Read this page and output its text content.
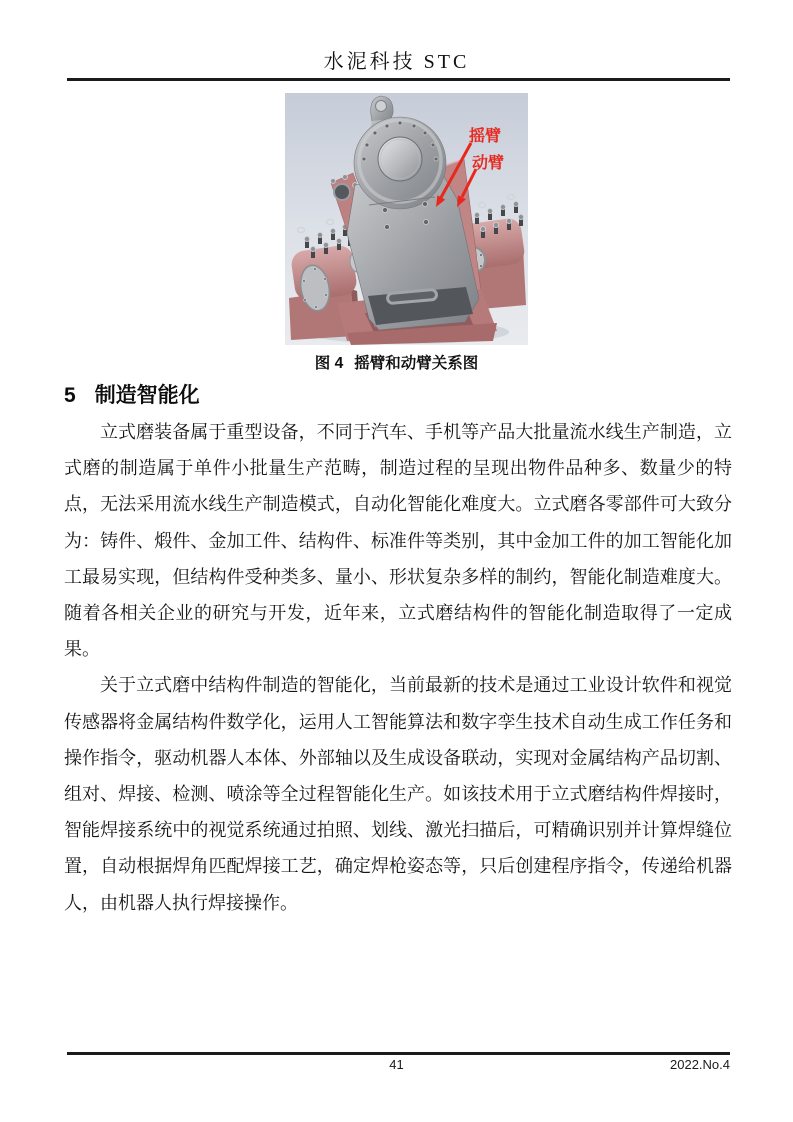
水泥科技 STC
摇臂
动臂
图 4 摇臂和动臂关系图
5 制造智能化

立式磨装备属于重型设备，不同于汽车、手机等产品大批量流水线生产制造，立式磨的制造属于单件小批量生产范畴，制造过程的呈现出物件品种多、数量少的特点，无法采用流水线生产制造模式，自动化智能化难度大。立式磨各零部件可大致分为：铸件、煅件、金加工件、结构件、标准件等类别，其中金加工件的加工智能化加工最易实现，但结构件受种类多、量小、形状复杂多样的制约，智能化制造难度大。随着各相关企业的研究与开发，近年来，立式磨结构件的智能化制造取得了一定成果。

关于立式磨中结构件制造的智能化，当前最新的技术是通过工业设计软件和视觉传感器将金属结构件数学化，运用人工智能算法和数字孪生技术自动生成工作任务和操作指令，驱动机器人本体、外部轴以及生成设备联动，实现对金属结构产品切割、组对、焊接、检测、喷涂等全过程智能化生产。如该技术用于立式磨结构件焊接时，智能焊接系统中的视觉系统通过拍照、划线、激光扫描后，可精确识别并计算焊缝位置，自动根据焊角匹配焊接工艺，确定焊枪姿态等，只后创建程序指令，传递给机器人，由机器人执行焊接操作。

41	2022.No.4
